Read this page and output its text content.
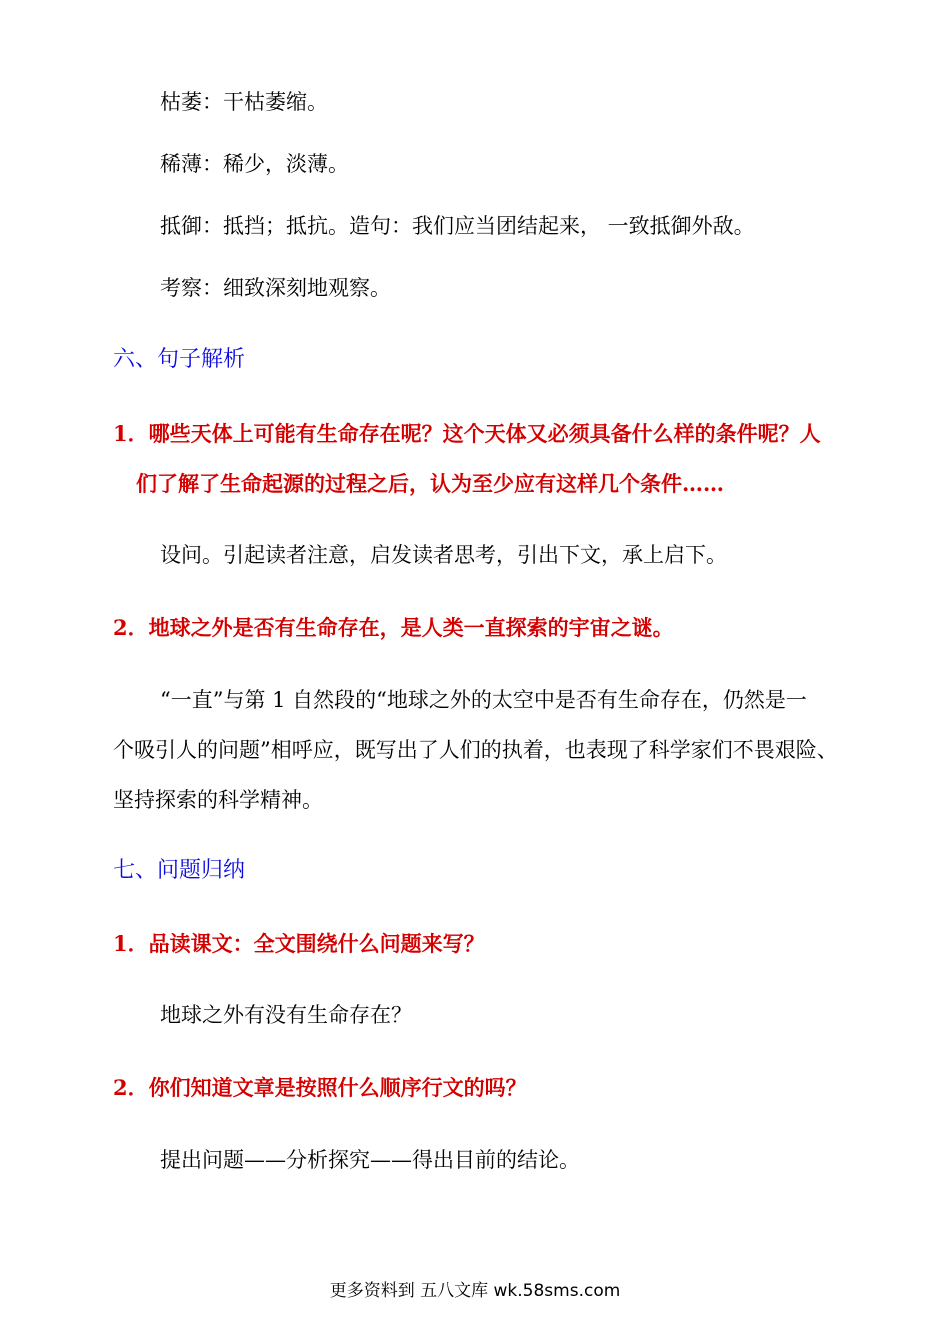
枯萎：干枯萎缩。
稀薄：稀少，淡薄。
抵御：抵挡；抵抗。造句：我们应当团结起来， 一致抵御外敌。
考察：细致深刻地观察。
六、句子解析
1．哪些天体上可能有生命存在呢？这个天体又必须具备什么样的条件呢？人
们了解了生命起源的过程之后，认为至少应有这样几个条件……
设问。引起读者注意，启发读者思考，引出下文，承上启下。
2．地球之外是否有生命存在，是人类一直探索的宇宙之谜。
“一直”与第 1 自然段的“地球之外的太空中是否有生命存在，仍然是一
个吸引人的问题”相呼应，既写出了人们的执着，也表现了科学家们不畏艰险、
坚持探索的科学精神。
七、问题归纳
1．品读课文：全文围绕什么问题来写？
地球之外有没有生命存在？
2．你们知道文章是按照什么顺序行文的吗？
提出问题——分析探究——得出目前的结论。
更多资料到 五八文库 wk.58sms.com
